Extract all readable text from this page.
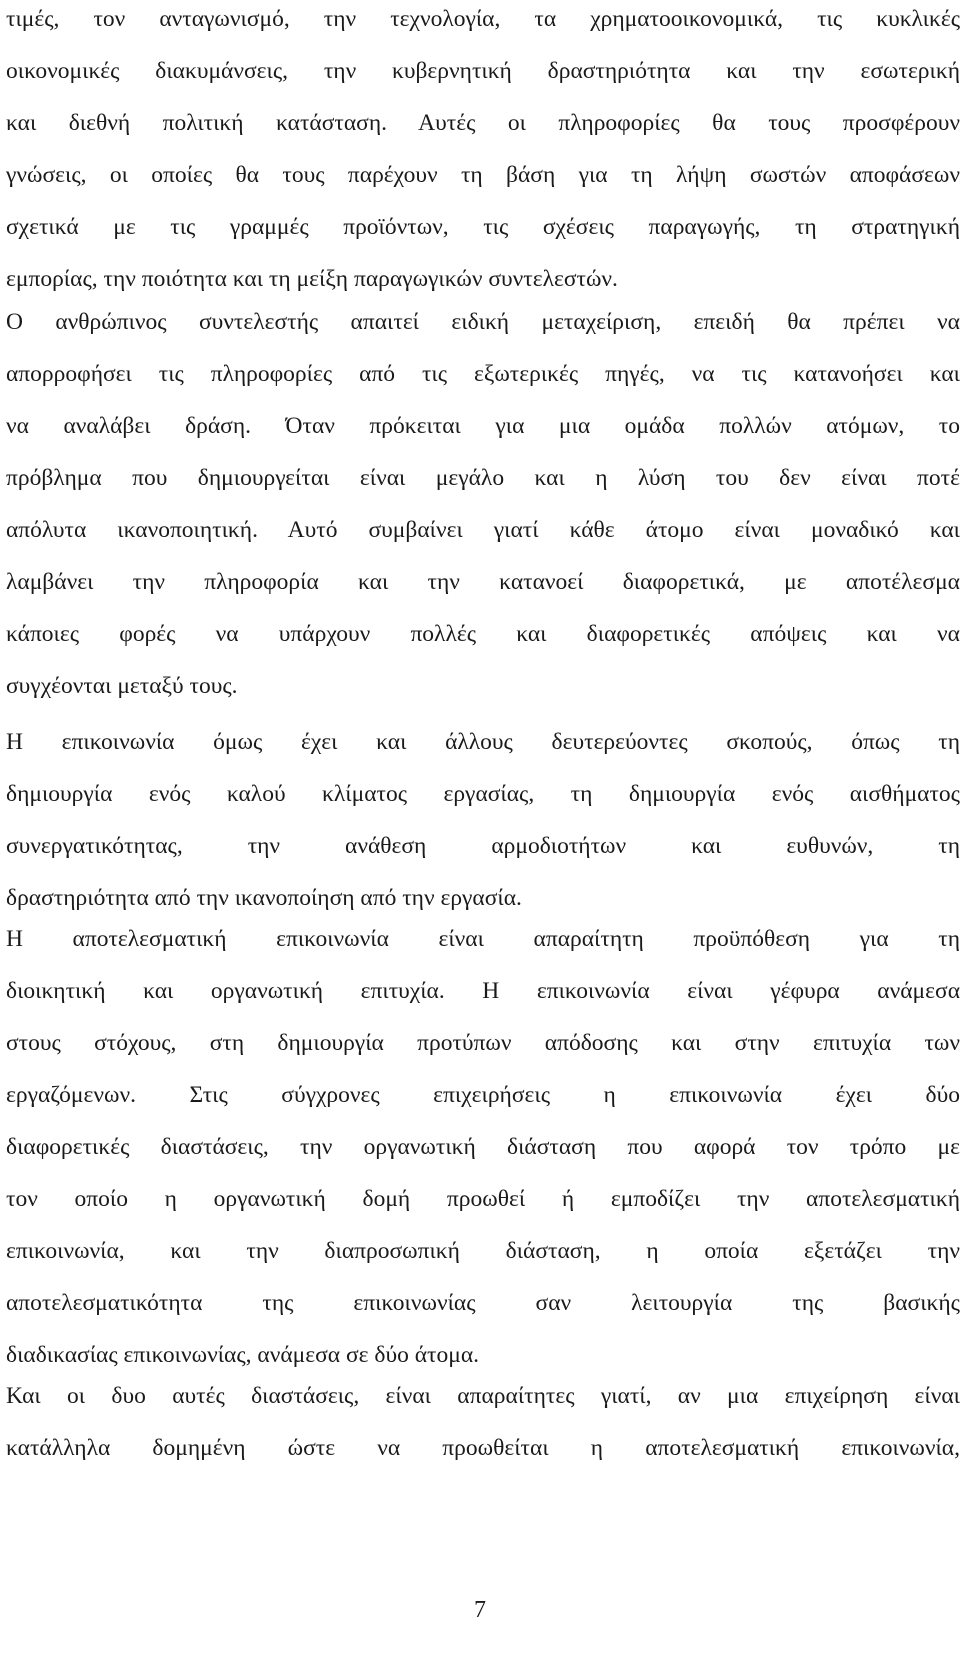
τιμές, τον ανταγωνισμό, την τεχνολογία, τα χρηματοοικονομικά, τις κυκλικές
οικονομικές διακυμάνσεις, την κυβερνητική δραστηριότητα και την εσωτερική
και διεθνή πολιτική κατάσταση. Αυτές οι πληροφορίες θα τους προσφέρουν
γνώσεις, οι οποίες θα τους παρέχουν τη βάση για τη λήψη σωστών αποφάσεων
σχετικά με τις γραμμές προϊόντων, τις σχέσεις παραγωγής, τη στρατηγική
εμπορίας, την ποιότητα και τη μείξη παραγωγικών συντελεστών.
Ο ανθρώπινος συντελεστής απαιτεί ειδική μεταχείριση, επειδή θα πρέπει να
απορροφήσει τις πληροφορίες από τις εξωτερικές πηγές, να τις κατανοήσει και
να αναλάβει δράση. Όταν πρόκειται για μια ομάδα πολλών ατόμων, το
πρόβλημα που δημιουργείται είναι μεγάλο και η λύση του δεν είναι ποτέ
απόλυτα ικανοποιητική. Αυτό συμβαίνει γιατί κάθε άτομο είναι μοναδικό και
λαμβάνει την πληροφορία και την κατανοεί διαφορετικά, με αποτέλεσμα
κάποιες φορές να υπάρχουν πολλές και διαφορετικές απόψεις και να
συγχέονται μεταξύ τους.
Η επικοινωνία όμως έχει και άλλους δευτερεύοντες σκοπούς, όπως τη
δημιουργία ενός καλού κλίματος εργασίας, τη δημιουργία ενός αισθήματος
συνεργατικότητας, την ανάθεση αρμοδιοτήτων και ευθυνών, τη
δραστηριότητα από την ικανοποίηση από την εργασία.
Η αποτελεσματική επικοινωνία είναι απαραίτητη προϋπόθεση για τη
διοικητική και οργανωτική επιτυχία. Η επικοινωνία είναι γέφυρα ανάμεσα
στους στόχους, στη δημιουργία προτύπων απόδοσης και στην επιτυχία των
εργαζόμενων. Στις σύγχρονες επιχειρήσεις η επικοινωνία έχει δύο
διαφορετικές διαστάσεις, την οργανωτική διάσταση που αφορά τον τρόπο με
τον οποίο η οργανωτική δομή προωθεί ή εμποδίζει την αποτελεσματική
επικοινωνία, και την διαπροσωπική διάσταση, η οποία εξετάζει την
αποτελεσματικότητα της επικοινωνίας σαν λειτουργία της βασικής
διαδικασίας επικοινωνίας, ανάμεσα σε δύο άτομα.
Και οι δυο αυτές διαστάσεις, είναι απαραίτητες γιατί, αν μια επιχείρηση είναι
κατάλληλα δομημένη ώστε να προωθείται η αποτελεσματική επικοινωνία,
7
